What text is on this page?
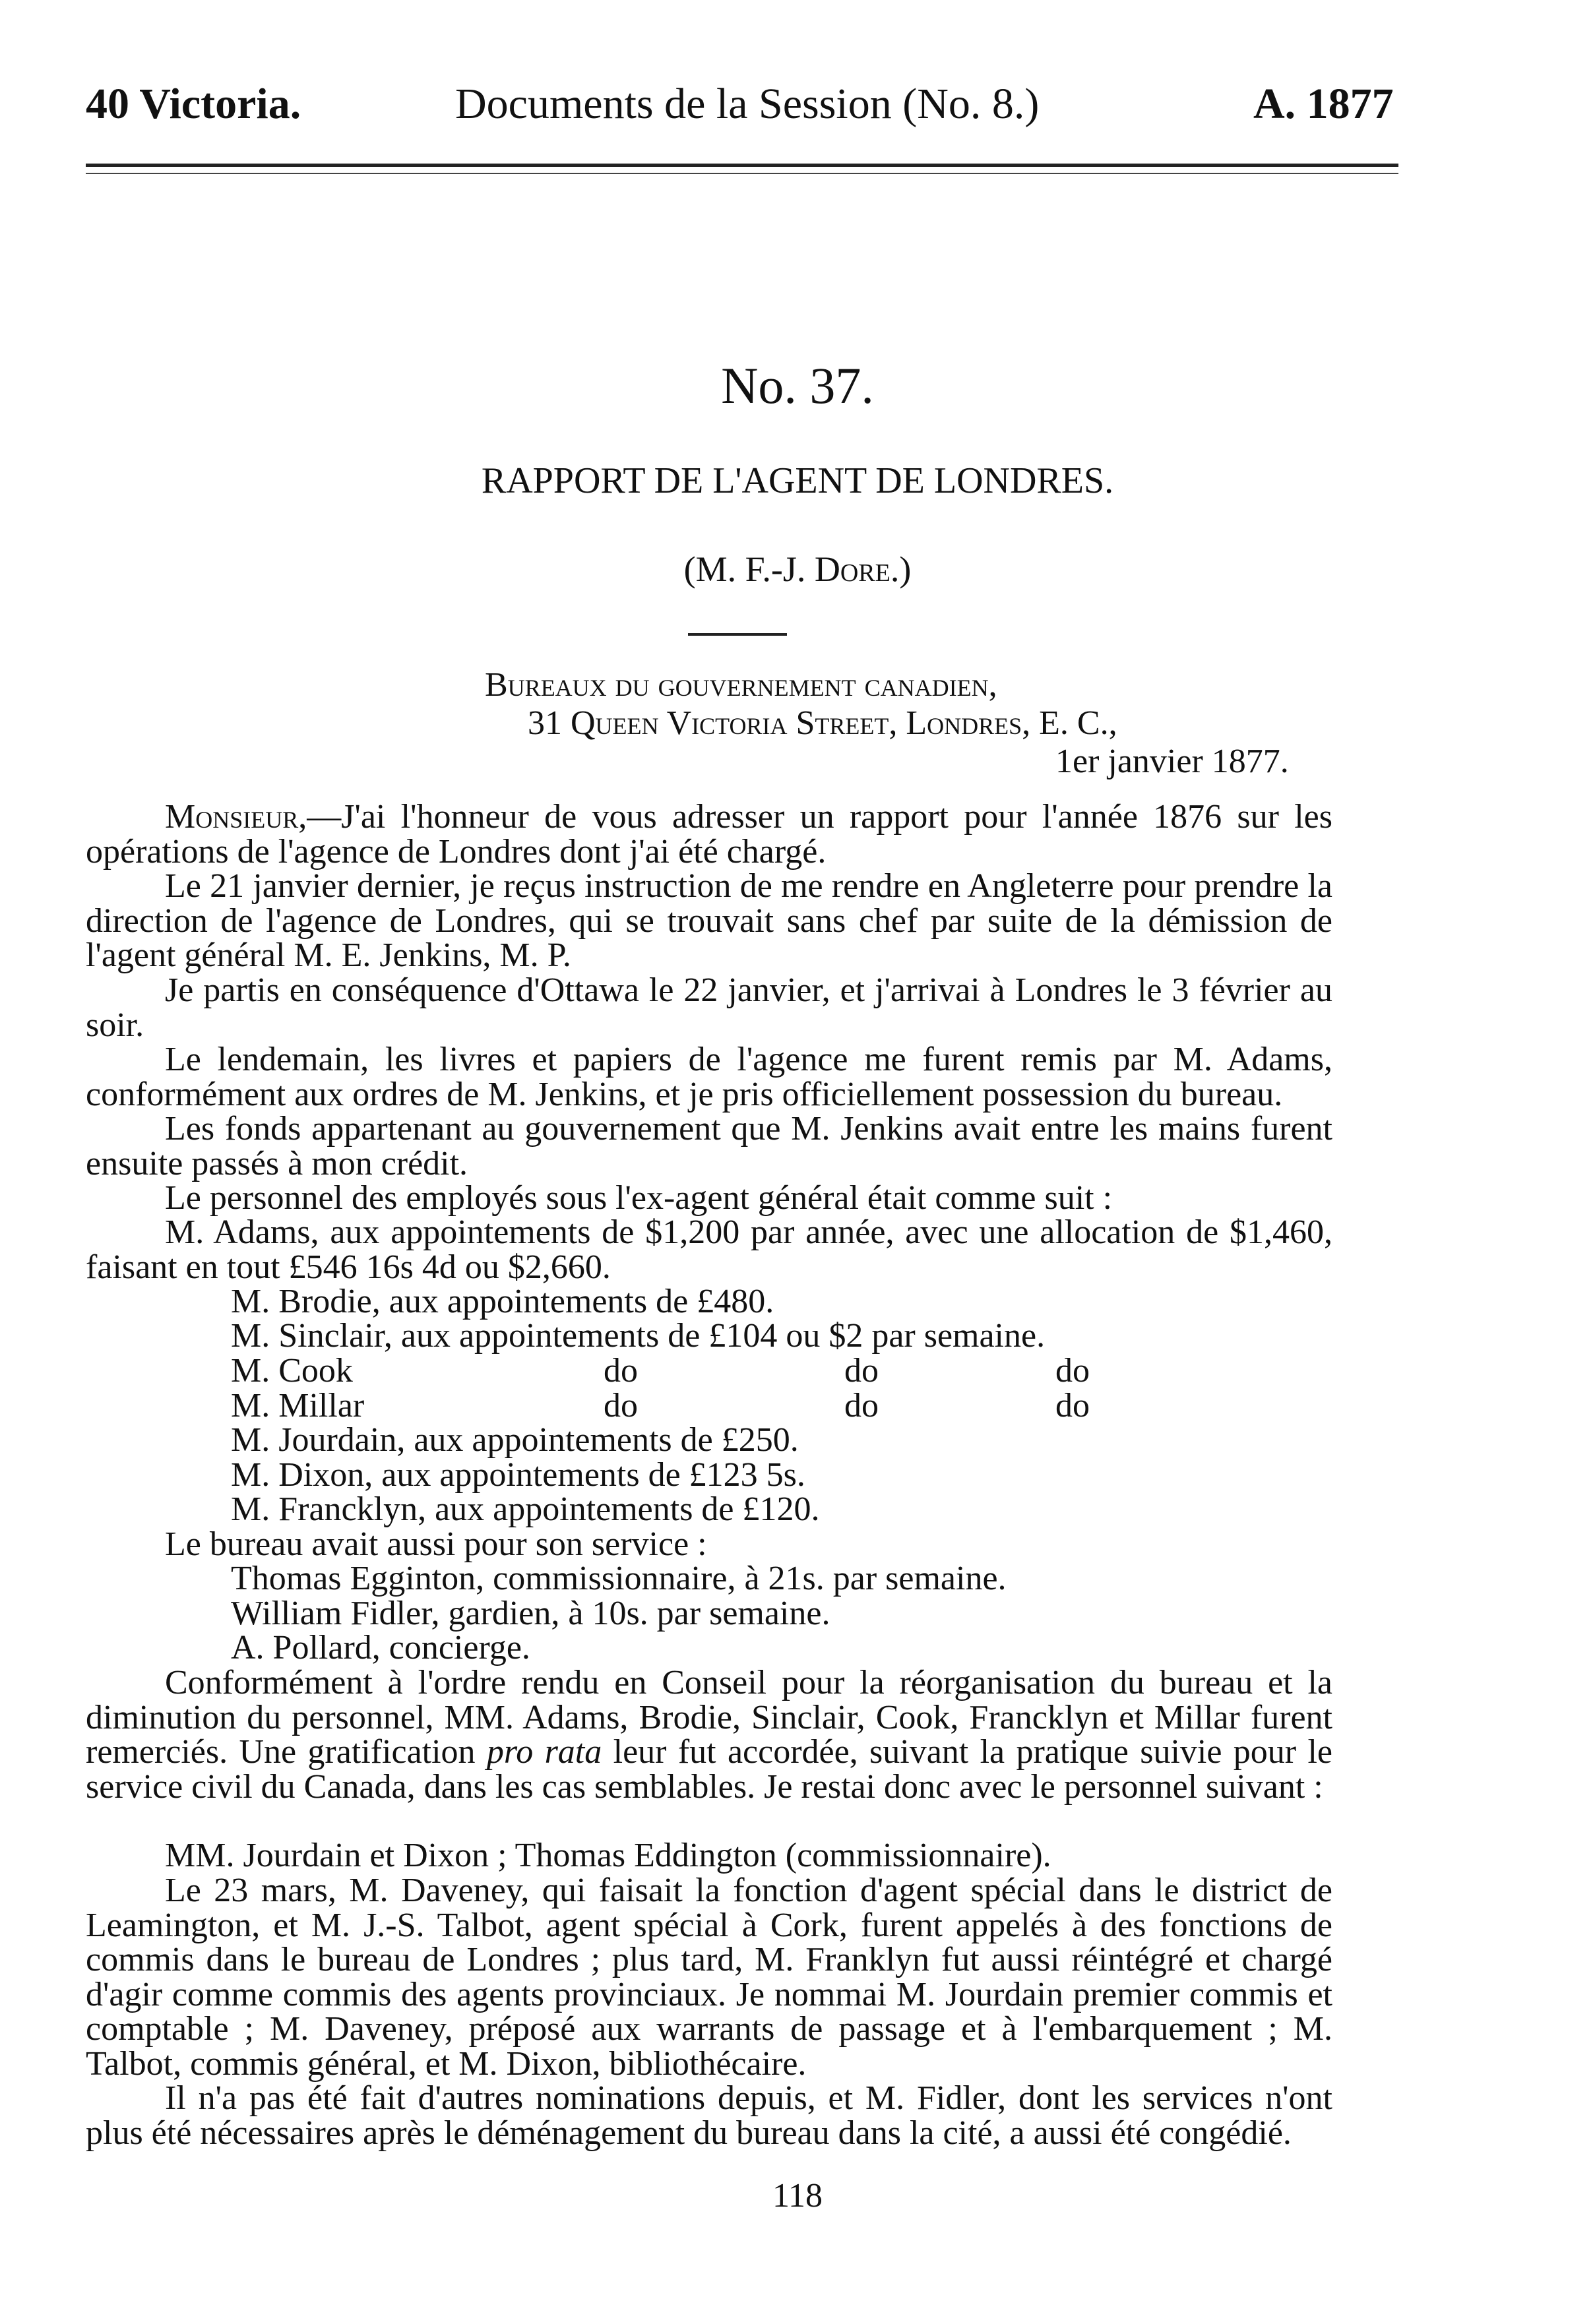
40 Victoria.	Documents de la Session (No. 8.)	A. 1877
No. 37.
RAPPORT DE L'AGENT DE LONDRES.
(M. F.-J. Dore.)
Bureaux du gouvernement canadien,
31 Queen Victoria Street, Londres, E. C.,
1er janvier 1877.
Monsieur,—J'ai l'honneur de vous adresser un rapport pour l'année 1876 sur les opérations de l'agence de Londres dont j'ai été chargé.
Le 21 janvier dernier, je reçus instruction de me rendre en Angleterre pour prendre la direction de l'agence de Londres, qui se trouvait sans chef par suite de la démission de l'agent général M. E. Jenkins, M. P.
Je partis en conséquence d'Ottawa le 22 janvier, et j'arrivai à Londres le 3 février au soir.
Le lendemain, les livres et papiers de l'agence me furent remis par M. Adams, conformément aux ordres de M. Jenkins, et je pris officiellement possession du bureau.
Les fonds appartenant au gouvernement que M. Jenkins avait entre les mains furent ensuite passés à mon crédit.
Le personnel des employés sous l'ex-agent général était comme suit :
M. Adams, aux appointements de $1,200 par année, avec une allocation de $1,460, faisant en tout £546 16s 4d ou $2,660.
M. Brodie, aux appointements de £480.
M. Sinclair, aux appointements de £104 ou $2 par semaine.
M. Cook	do	do	do
M. Millar	do	do	do
M. Jourdain, aux appointements de £250.
M. Dixon, aux appointements de £123 5s.
M. Francklyn, aux appointements de £120.
Le bureau avait aussi pour son service :
Thomas Egginton, commissionnaire, à 21s. par semaine.
William Fidler, gardien, à 10s. par semaine.
A. Pollard, concierge.
Conformément à l'ordre rendu en Conseil pour la réorganisation du bureau et la diminution du personnel, MM. Adams, Brodie, Sinclair, Cook, Francklyn et Millar furent remerciés. Une gratification pro rata leur fut accordée, suivant la pratique suivie pour le service civil du Canada, dans les cas semblables. Je restai donc avec le personnel suivant :
MM. Jourdain et Dixon ; Thomas Eddington (commissionnaire).
Le 23 mars, M. Daveney, qui faisait la fonction d'agent spécial dans le district de Leamington, et M. J.-S. Talbot, agent spécial à Cork, furent appelés à des fonctions de commis dans le bureau de Londres ; plus tard, M. Franklyn fut aussi réintégré et chargé d'agir comme commis des agents provinciaux. Je nommai M. Jourdain premier commis et comptable ; M. Daveney, préposé aux warrants de passage et à l'embarquement ; M. Talbot, commis général, et M. Dixon, bibliothécaire.
Il n'a pas été fait d'autres nominations depuis, et M. Fidler, dont les services n'ont plus été nécessaires après le déménagement du bureau dans la cité, a aussi été congédié.
118
